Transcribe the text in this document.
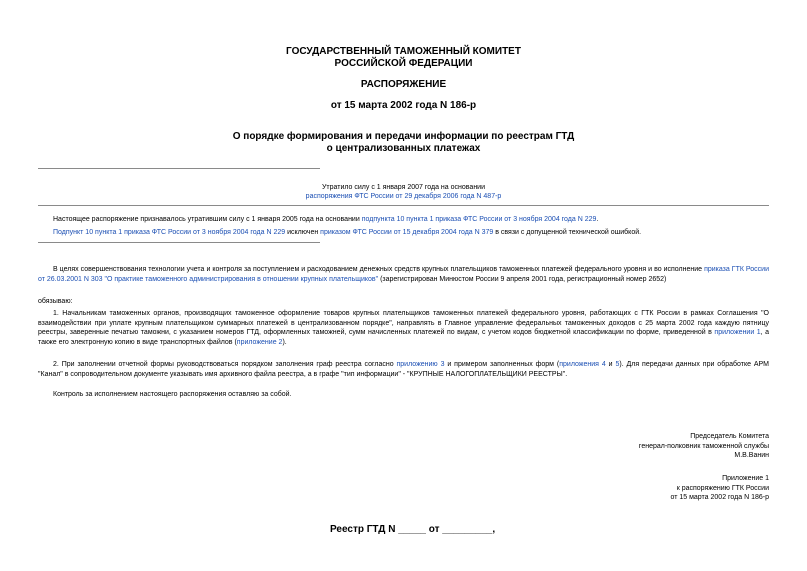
ГОСУДАРСТВЕННЫЙ ТАМОЖЕННЫЙ КОМИТЕТ
РОССИЙСКОЙ ФЕДЕРАЦИИ
РАСПОРЯЖЕНИЕ
от 15 марта 2002 года N 186-р
О порядке формирования и передачи информации по реестрам ГТД
о централизованных платежах
Утратило силу с 1 января 2007 года на основании
распоряжения ФТС России от 29 декабря 2006 года N 487-р
Настоящее распоряжение признавалось утратившим силу с 1 января 2005 года на основании подпункта 10 пункта 1 приказа ФТС России от 3 ноября 2004 года N 229.
Подпункт 10 пункта 1 приказа ФТС России от 3 ноября 2004 года N 229 исключен приказом ФТС России от 15 декабря 2004 года N 379 в связи с допущенной технической ошибкой.
В целях совершенствования технологии учета и контроля за поступлением и расходованием денежных средств крупных плательщиков таможенных платежей федерального уровня и во исполнение приказа ГТК России от 26.03.2001 N 303 "О практике таможенного администрирования в отношении крупных плательщиков" (зарегистрирован Минюстом России 9 апреля 2001 года, регистрационный номер 2652)
обязываю:
1. Начальникам таможенных органов, производящих таможенное оформление товаров крупных плательщиков таможенных платежей федерального уровня, работающих с ГТК России в рамках Соглашения "О взаимодействии при уплате крупным плательщиком суммарных платежей в централизованном порядке", направлять в Главное управление федеральных таможенных доходов с 25 марта 2002 года каждую пятницу реестры, заверенные печатью таможни, с указанием номеров ГТД, оформленных таможней, сумм начисленных платежей по видам, с учетом кодов бюджетной классификации по форме, приведенной в приложении 1, а также его электронную копию в виде транспортных файлов (приложение 2).
2. При заполнении отчетной формы руководствоваться порядком заполнения граф реестра согласно приложению 3 и примером заполненных форм (приложения 4 и 5). Для передачи данных при обработке АРМ "Канал" в сопроводительном документе указывать имя архивного файла реестра, а в графе "тип информации" - "КРУПНЫЕ НАЛОГОПЛАТЕЛЬЩИКИ РЕЕСТРЫ".
Контроль за исполнением настоящего распоряжения оставляю за собой.
Председатель Комитета
генерал-полковник таможенной службы
М.В.Ванин
Приложение 1
к распоряжению ГТК России
от 15 марта 2002 года N 186-р
Реестр ГТД N _____ от _________,
